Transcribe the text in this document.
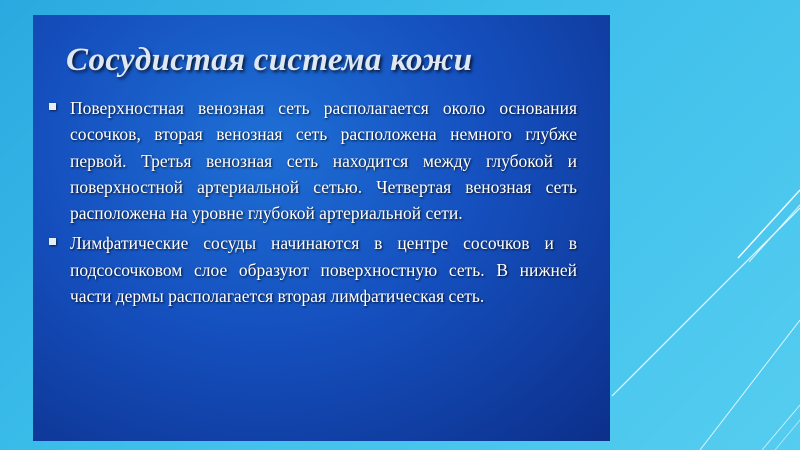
Сосудистая система кожи
Поверхностная венозная сеть располагается около основания сосочков, вторая венозная сеть расположена немного глубже первой. Третья венозная сеть находится между глубокой и поверхностной артериальной сетью. Четвертая венозная сеть расположена на уровне глубокой артериальной сети.
Лимфатические сосуды начинаются в центре сосочков и в подсосочковом слое образуют поверхностную сеть. В нижней части дермы располагается вторая лимфатическая сеть.
